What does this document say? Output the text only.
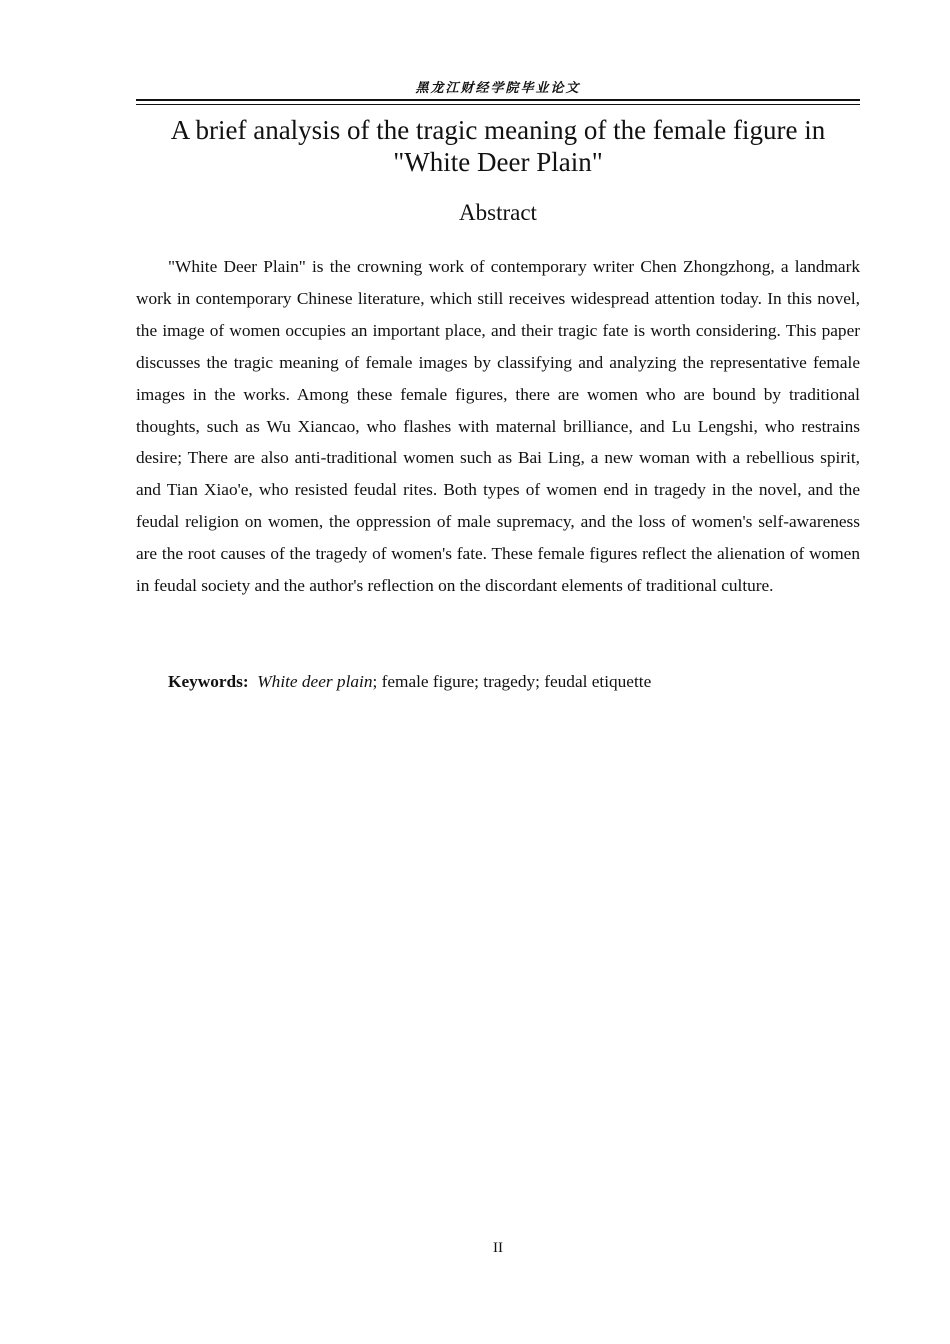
黑龙江财经学院毕业论文
A brief analysis of the tragic meaning of the female figure in
"White Deer Plain"
Abstract

"White Deer Plain" is the crowning work of contemporary writer Chen Zhongzhong, a landmark work in contemporary Chinese literature, which still receives widespread attention today. In this novel, the image of women occupies an important place, and their tragic fate is worth considering. This paper discusses the tragic meaning of female images by classifying and analyzing the representative female images in the works. Among these female figures, there are women who are bound by traditional thoughts, such as Wu Xiancao, who flashes with maternal brilliance, and Lu Lengshi, who restrains desire; There are also anti-traditional women such as Bai Ling, a new woman with a rebellious spirit, and Tian Xiao'e, who resisted feudal rites. Both types of women end in tragedy in the novel, and the feudal religion on women, the oppression of male supremacy, and the loss of women's self-awareness are the root causes of the tragedy of women's fate. These female figures reflect the alienation of women in feudal society and the author's reflection on the discordant elements of traditional culture.

Keywords: White deer plain; female figure; tragedy; feudal etiquette

II
